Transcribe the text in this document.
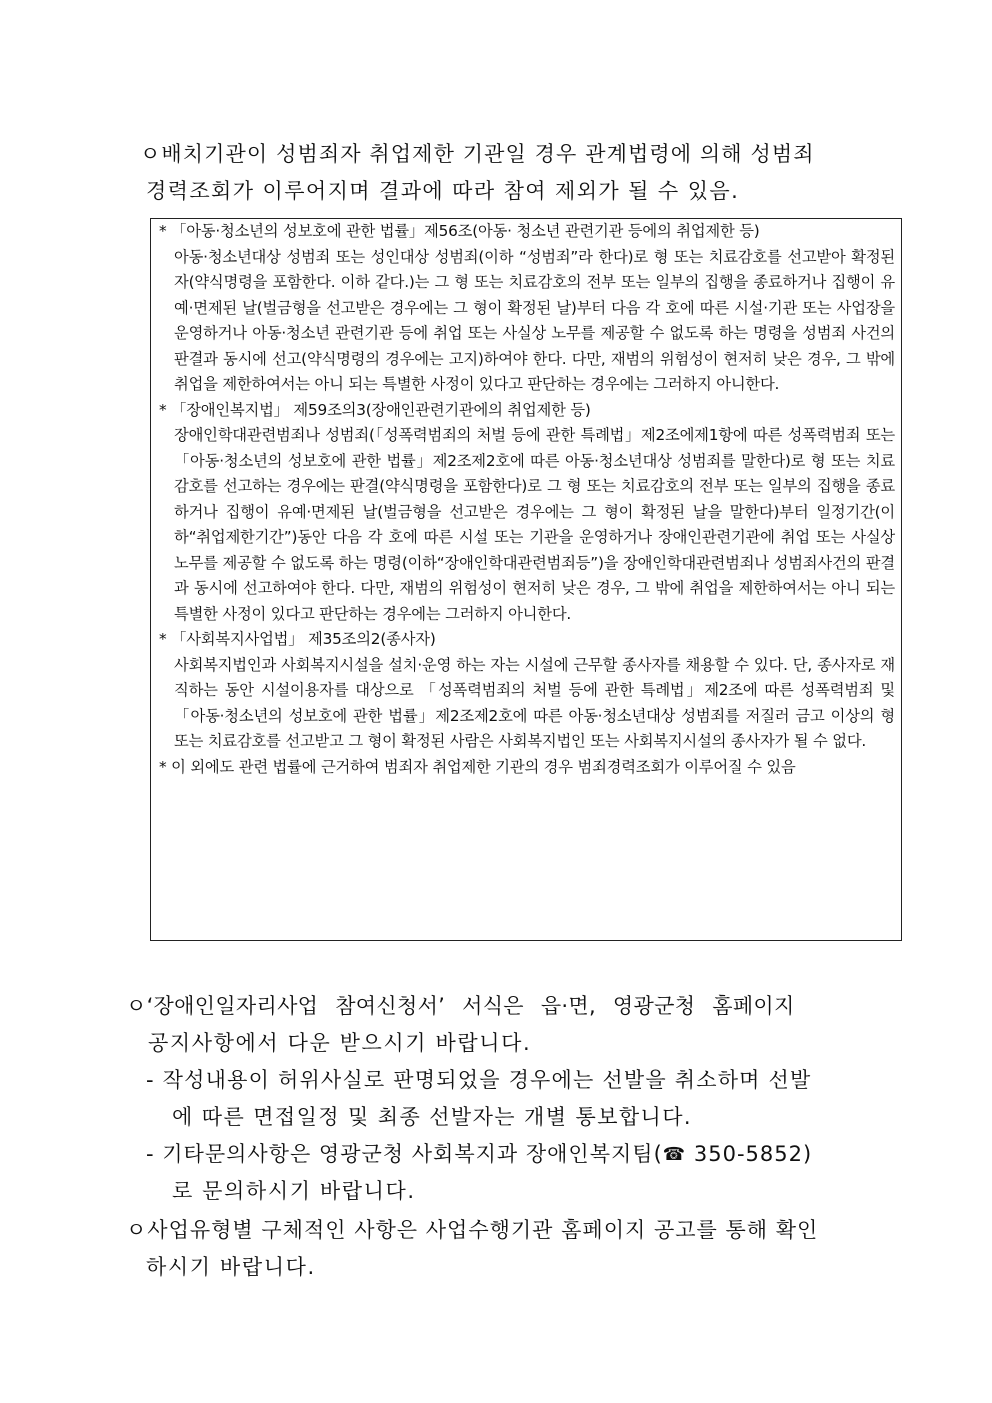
ㅇ배치기관이 성범죄자 취업제한 기관일 경우 관계법령에 의해 성범죄
경력조회가 이루어지며 결과에 따라 참여 제외가 될 수 있음.
* 「아동·청소년의 성보호에 관한 법률」제56조(아동· 청소년 관련기관 등에의 취업제한 등)
아동·청소년대상 성범죄 또는 성인대상 성범죄(이하 “성범죄”라 한다)로 형 또는 치료감호를 선고받아 확정된 자(약식명령을 포함한다. 이하 같다.)는 그 형 또는 치료감호의 전부 또는 일부의 집행을 종료하거나 집행이 유예·면제된 날(벌금형을 선고받은 경우에는 그 형이 확정된 날)부터 다음 각 호에 따른 시설·기관 또는 사업장을 운영하거나 아동·청소년 관련기관 등에 취업 또는 사실상 노무를 제공할 수 없도록 하는 명령을 성범죄 사건의 판결과 동시에 선고(약식명령의 경우에는 고지)하여야 한다. 다만, 재범의 위험성이 현저히 낮은 경우, 그 밖에 취업을 제한하여서는 아니 되는 특별한 사정이 있다고 판단하는 경우에는 그러하지 아니한다.
* 「장애인복지법」 제59조의3(장애인관련기관에의 취업제한 등)
장애인학대관련범죄나 성범죄(「성폭력범죄의 처벌 등에 관한 특례법」제2조에제1항에 따른 성폭력범죄 또는 「아동·청소년의 성보호에 관한 법률」제2조제2호에 따른 아동·청소년대상 성범죄를 말한다)로 형 또는 치료감호를 선고하는 경우에는 판결(약식명령을 포함한다)로 그 형 또는 치료감호의 전부 또는 일부의 집행을 종료하거나 집행이 유예·면제된 날(벌금형을 선고받은 경우에는 그 형이 확정된 날을 말한다)부터 일정기간(이하“취업제한기간”)동안 다음 각 호에 따른 시설 또는 기관을 운영하거나 장애인관련기관에 취업 또는 사실상 노무를 제공할 수 없도록 하는 명령(이하“장애인학대관련범죄등”)을 장애인학대관련범죄나 성범죄사건의 판결과 동시에 선고하여야 한다. 다만, 재범의 위험성이 현저히 낮은 경우, 그 밖에 취업을 제한하여서는 아니 되는 특별한 사정이 있다고 판단하는 경우에는 그러하지 아니한다.
* 「사회복지사업법」 제35조의2(종사자)
사회복지법인과 사회복지시설을 설치·운영 하는 자는 시설에 근무할 종사자를 채용할 수 있다. 단, 종사자로 재직하는 동안 시설이용자를 대상으로 「성폭력범죄의 처벌 등에 관한 특례법」제2조에 따른 성폭력범죄 및 「아동·청소년의 성보호에 관한 법률」제2조제2호에 따른 아동·청소년대상 성범죄를 저질러 금고 이상의 형 또는 치료감호를 선고받고 그 형이 확정된 사람은 사회복지법인 또는 사회복지시설의 종사자가 될 수 없다.
* 이 외에도 관련 법률에 근거하여 범죄자 취업제한 기관의 경우 범죄경력조회가 이루어질 수 있음
ㅇ‘장애인일자리사업 참여신청서’ 서식은 읍·면, 영광군청 홈페이지
공지사항에서 다운 받으시기 바랍니다.
- 작성내용이 허위사실로 판명되었을 경우에는 선발을 취소하며 선발
에 따른 면접일정 및 최종 선발자는 개별 통보합니다.
- 기타문의사항은 영광군청 사회복지과 장애인복지팀(☎ 350-5852)
로 문의하시기 바랍니다.
ㅇ사업유형별 구체적인 사항은 사업수행기관 홈페이지 공고를 통해 확인
하시기 바랍니다.
